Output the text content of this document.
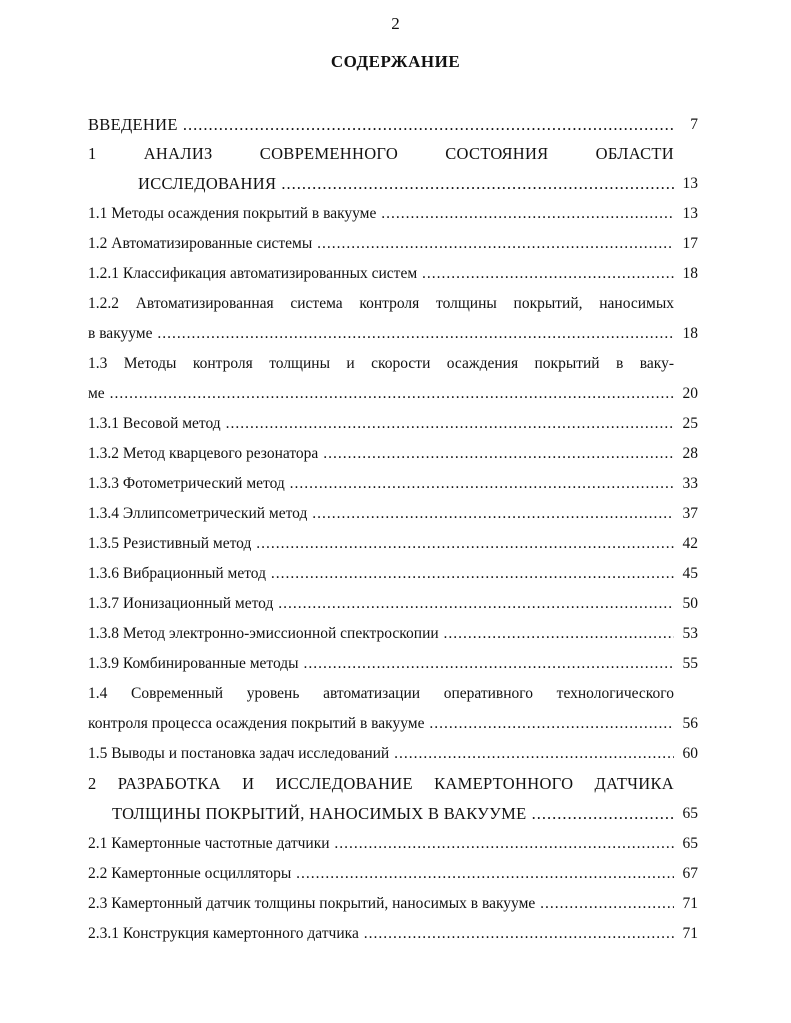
2
СОДЕРЖАНИЕ
ВВЕДЕНИЕ .....	7
1 АНАЛИЗ СОВРЕМЕННОГО СОСТОЯНИЯ ОБЛАСТИ
ИССЛЕДОВАНИЯ .....	13
1.1 Методы осаждения покрытий в вакууме .....	13
1.2 Автоматизированные системы .....	17
1.2.1 Классификация автоматизированных систем .....	18
1.2.2 Автоматизированная система контроля толщины покрытий, наносимых
в вакууме .....	18
1.3 Методы контроля толщины и скорости осаждения покрытий в ваку-
ме .....	20
1.3.1 Весовой метод .....	25
1.3.2 Метод кварцевого резонатора .....	28
1.3.3 Фотометрический метод .....	33
1.3.4 Эллипсометрический метод .....	37
1.3.5 Резистивный метод .....	42
1.3.6 Вибрационный метод .....	45
1.3.7 Ионизационный метод .....	50
1.3.8 Метод электронно-эмиссионной спектроскопии .....	53
1.3.9 Комбинированные методы .....	55
1.4 Современный уровень автоматизации оперативного технологического
контроля процесса осаждения покрытий в вакууме .....	56
1.5 Выводы и постановка задач исследований .....	60
2 РАЗРАБОТКА И ИССЛЕДОВАНИЕ КАМЕРТОННОГО ДАТЧИКА
ТОЛЩИНЫ ПОКРЫТИЙ, НАНОСИМЫХ В ВАКУУМЕ .....	65
2.1 Камертонные частотные датчики .....	65
2.2 Камертонные осцилляторы .....	67
2.3 Камертонный датчик толщины покрытий, наносимых в вакууме .....	71
2.3.1 Конструкция камертонного датчика .....	71
